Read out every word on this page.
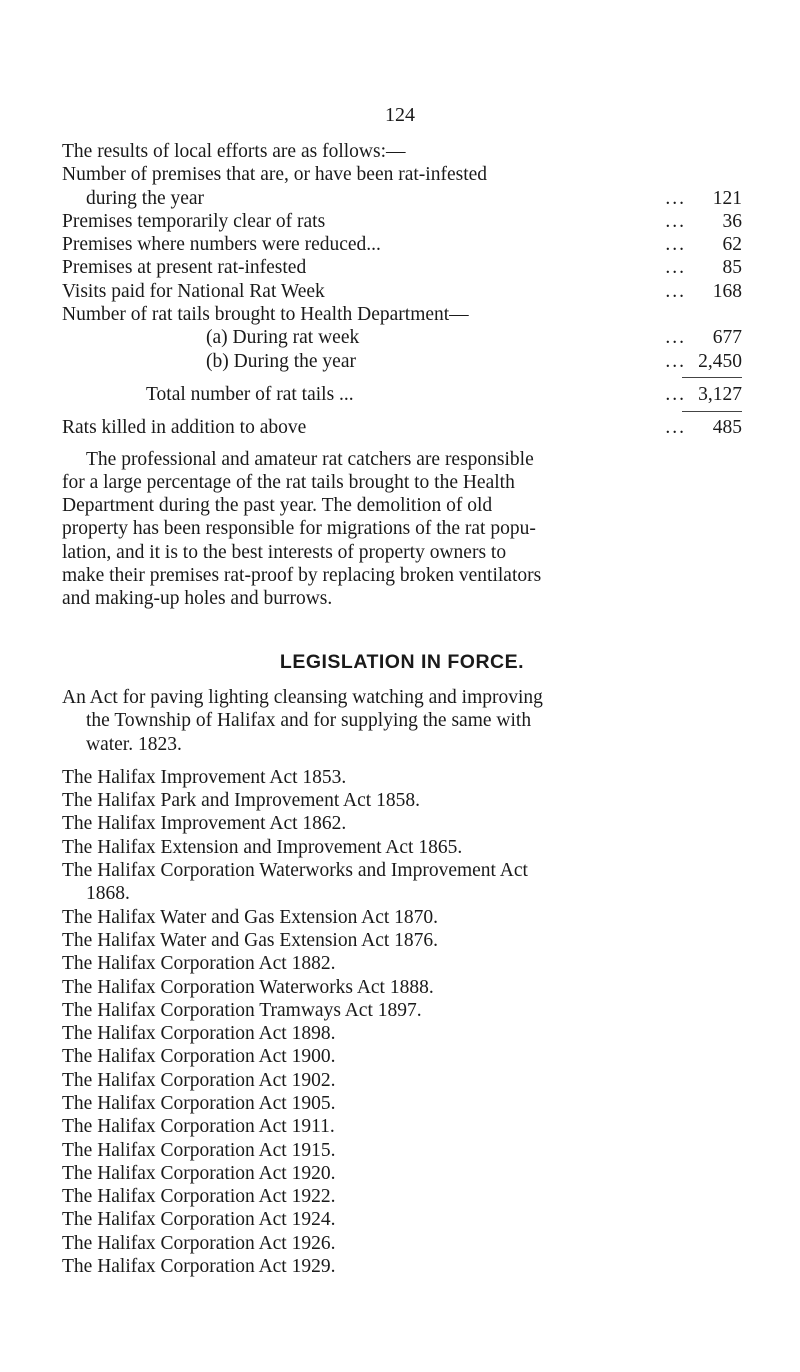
124
The results of local efforts are as follows:—
Number of premises that are, or have been rat-infested
during the year	...	121
Premises temporarily clear of rats	...	36
Premises where numbers were reduced...	...	62
Premises at present rat-infested	...	85
Visits paid for National Rat Week	...	168
Number of rat tails brought to Health Department—
(a) During rat week	...	677
(b) During the year	... 2,450
Total number of rat tails ...	... 3,127
Rats killed in addition to above	...	485
The professional and amateur rat catchers are responsible
for a large percentage of the rat tails brought to the Health
Department during the past year. The demolition of old
property has been responsible for migrations of the rat popu-
lation, and it is to the best interests of property owners to
make their premises rat-proof by replacing broken ventilators
and making-up holes and burrows.
LEGISLATION IN FORCE.
An Act for paving lighting cleansing watching and improving
the Township of Halifax and for supplying the same with
water. 1823.
The Halifax Improvement Act 1853.
The Halifax Park and Improvement Act 1858.
The Halifax Improvement Act 1862.
The Halifax Extension and Improvement Act 1865.
The Halifax Corporation Waterworks and Improvement Act
1868.
The Halifax Water and Gas Extension Act 1870.
The Halifax Water and Gas Extension Act 1876.
The Halifax Corporation Act 1882.
The Halifax Corporation Waterworks Act 1888.
The Halifax Corporation Tramways Act 1897.
The Halifax Corporation Act 1898.
The Halifax Corporation Act 1900.
The Halifax Corporation Act 1902.
The Halifax Corporation Act 1905.
The Halifax Corporation Act 1911.
The Halifax Corporation Act 1915.
The Halifax Corporation Act 1920.
The Halifax Corporation Act 1922.
The Halifax Corporation Act 1924.
The Halifax Corporation Act 1926.
The Halifax Corporation Act 1929.
